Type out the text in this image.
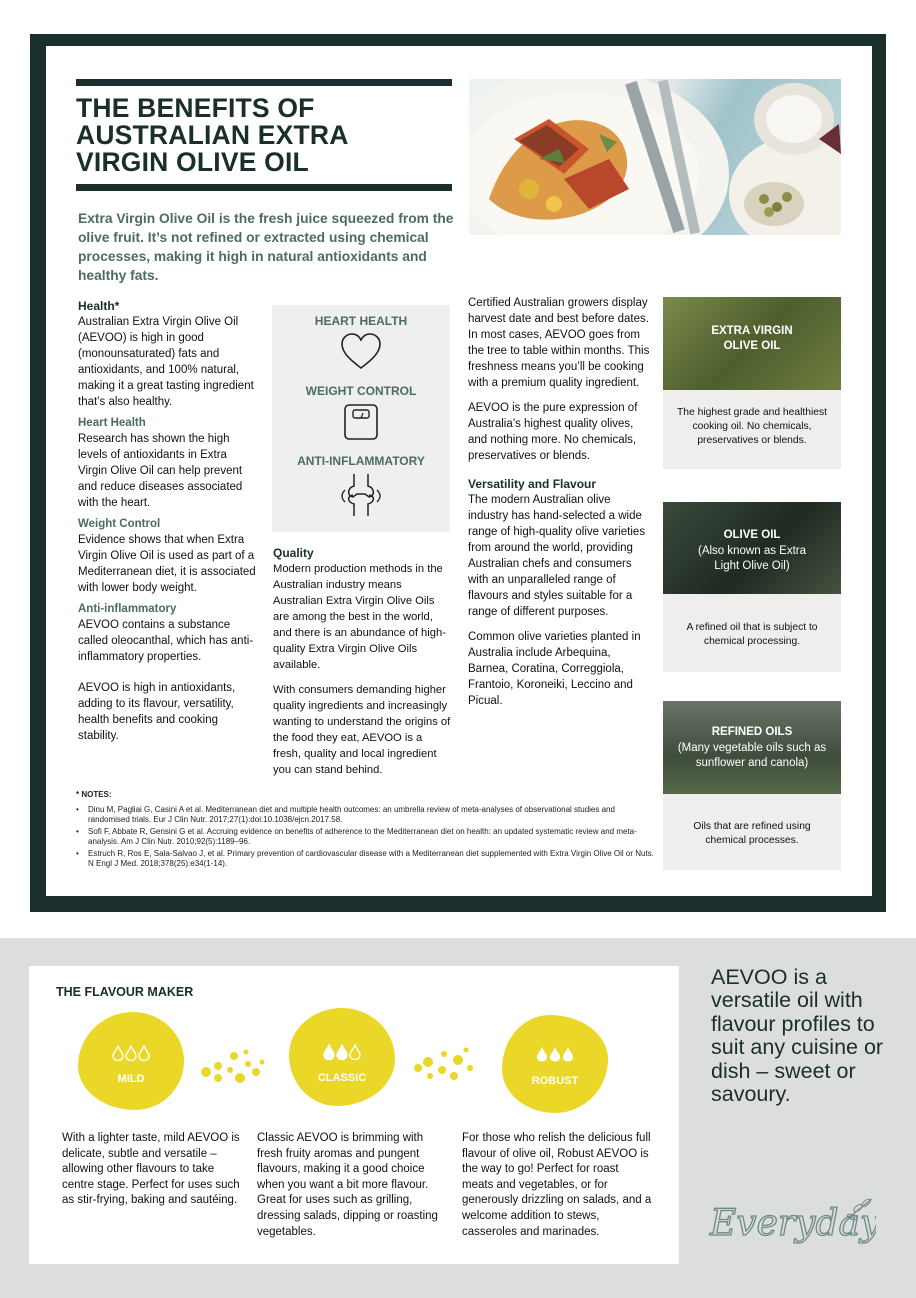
THE BENEFITS OF
AUSTRALIAN EXTRA
VIRGIN OLIVE OIL
Extra Virgin Olive Oil is the fresh juice squeezed from the olive fruit. It’s not refined or extracted using chemical processes, making it high in natural antioxidants and healthy fats.
Health*

Australian Extra Virgin Olive Oil (AEVOO) is high in good (monounsaturated) fats and antioxidants, and 100% natural, making it a great tasting ingredient that’s also healthy.

Heart Health

Research has shown the high levels of antioxidants in Extra Virgin Olive Oil can help prevent and reduce diseases associated with the heart.

Weight Control

Evidence shows that when Extra Virgin Olive Oil is used as part of a Mediterranean diet, it is associated with lower body weight.

Anti-inflammatory

AEVOO contains a substance called oleocanthal, which has anti-inflammatory properties.

AEVOO is high in antioxidants, adding to its flavour, versatility, health benefits and cooking stability.

HEART HEALTH
WEIGHT CONTROL
ANTI-INFLAMMATORY
Quality

Modern production methods in the Australian industry means Australian Extra Virgin Olive Oils are among the best in the world, and there is an abundance of high-quality Extra Virgin Olive Oils available.

With consumers demanding higher quality ingredients and increasingly wanting to understand the origins of the food they eat, AEVOO is a fresh, quality and local ingredient you can stand behind.

Certified Australian growers display harvest date and best before dates. In most cases, AEVOO goes from the tree to table within months. This freshness means you’ll be cooking with a premium quality ingredient.

AEVOO is the pure expression of Australia’s highest quality olives, and nothing more. No chemicals, preservatives or blends.

Versatility and Flavour

The modern Australian olive industry has hand-selected a wide range of high-quality olive varieties from around the world, providing Australian chefs and consumers with an unparalleled range of flavours and styles suitable for a range of different purposes.

Common olive varieties planted in Australia include Arbequina, Barnea, Coratina, Correggiola, Frantoio, Koroneiki, Leccino and Picual.

EXTRA VIRGIN OLIVE OIL
The highest grade and healthiest cooking oil. No chemicals, preservatives or blends.
OLIVE OIL
(Also known as Extra Light Olive Oil)
A refined oil that is subject to chemical processing.
REFINED OILS
(Many vegetable oils such as sunflower and canola)
Oils that are refined using chemical processes.
* NOTES:
• Dinu M, Pagliai G, Casini A et al. Mediterranean diet and multiple health outcomes: an umbrella review of meta-analyses of observational studies and randomised trials. Eur J Clin Nutr. 2017;27(1):doi:10.1038/ejcn.2017.58.
• Sofi F, Abbate R, Gensini G et al. Accruing evidence on benefits of adherence to the Mediterranean diet on health: an updated systematic review and meta-analysis. Am J Clin Nutr. 2010;92(5):1189–96.
• Estruch R, Ros E, Sala-Salvao J, et al. Primary prevention of cardiovascular disease with a Mediterranean diet supplemented with Extra Virgin Olive Oil or Nuts. N Engl J Med. 2018;378(25):e34(1-14).
THE FLAVOUR MAKER
MILD	CLASSIC	ROBUST
With a lighter taste, mild AEVOO is delicate, subtle and versatile – allowing other flavours to take centre stage. Perfect for uses such as stir-frying, baking and sautéing.
Classic AEVOO is brimming with fresh fruity aromas and pungent flavours, making it a good choice when you want a bit more flavour. Great for uses such as grilling, dressing salads, dipping or roasting vegetables.
For those who relish the delicious full flavour of olive oil, Robust AEVOO is the way to go! Perfect for roast meats and vegetables, or for generously drizzling on salads, and a welcome addition to stews, casseroles and marinades.
AEVOO is a versatile oil with flavour profiles to suit any cuisine or dish – sweet or savoury.
Everyday
